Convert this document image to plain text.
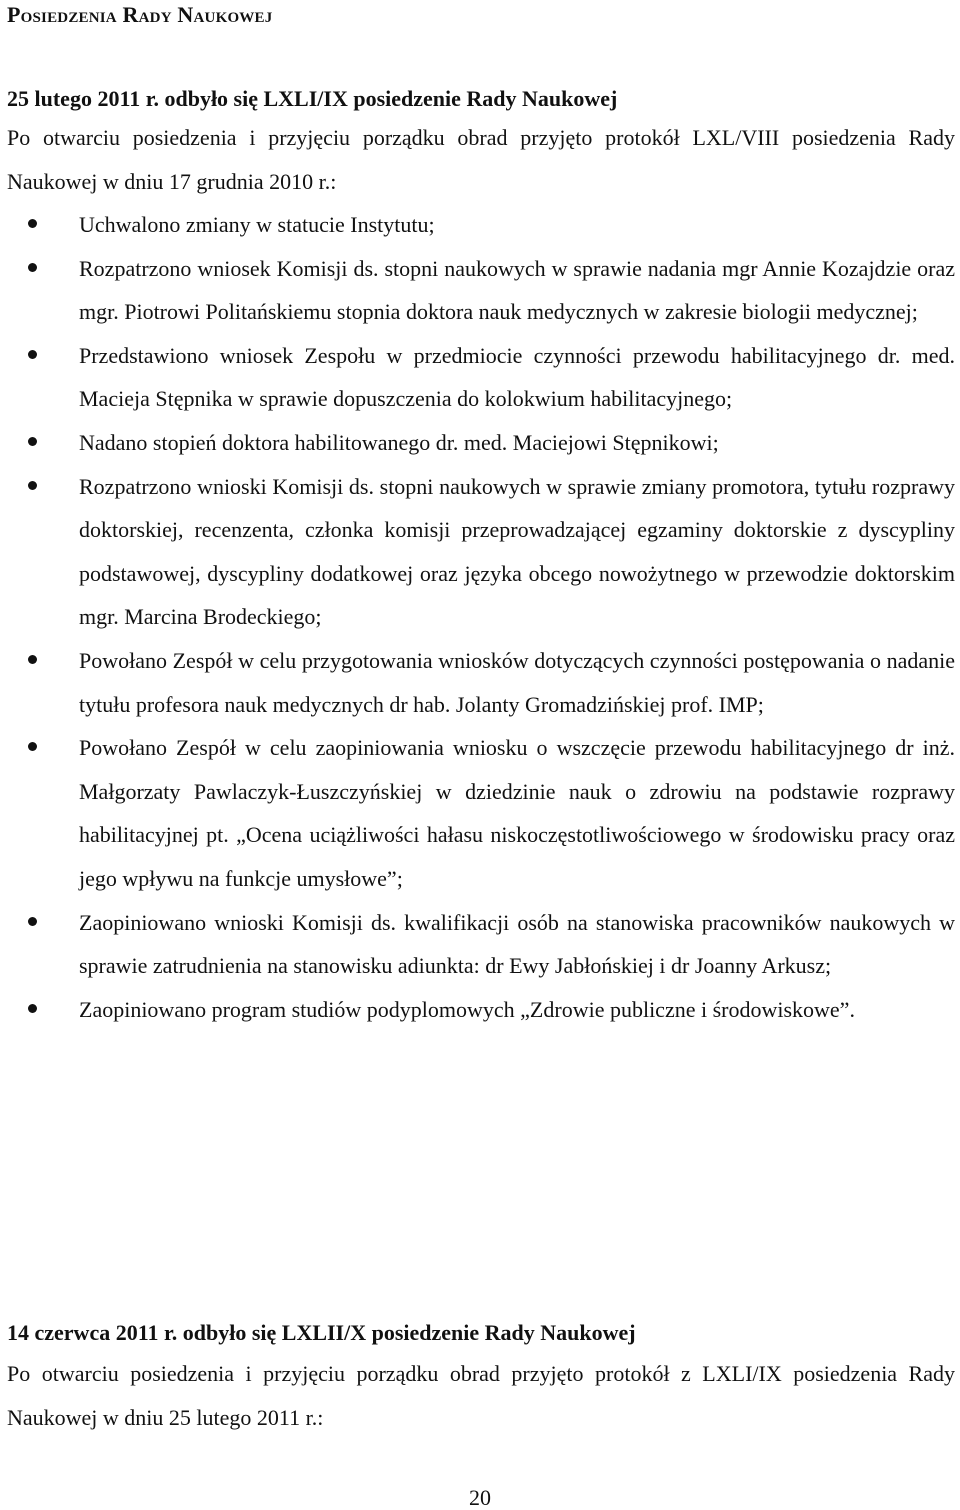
Posiedzenia Rady Naukowej
25 lutego 2011 r. odbyło się LXLI/IX posiedzenie Rady Naukowej
Po otwarciu posiedzenia i przyjęciu porządku obrad przyjęto protokół LXL/VIII posiedzenia Rady Naukowej w dniu 17 grudnia 2010 r.:
Uchwalono zmiany w statucie Instytutu;
Rozpatrzono wniosek Komisji ds. stopni naukowych w sprawie nadania mgr Annie Kozajdzie oraz mgr. Piotrowi Politańskiemu stopnia doktora nauk medycznych w zakresie biologii medycznej;
Przedstawiono wniosek Zespołu w przedmiocie czynności przewodu habilitacyjnego dr. med. Macieja Stępnika w sprawie dopuszczenia do kolokwium habilitacyjnego;
Nadano stopień doktora habilitowanego dr. med. Maciejowi Stępnikowi;
Rozpatrzono wnioski Komisji ds. stopni naukowych w sprawie zmiany promotora, tytułu rozprawy doktorskiej, recenzenta, członka komisji przeprowadzającej egzaminy doktorskie z dyscypliny podstawowej, dyscypliny dodatkowej oraz języka obcego nowożytnego w przewodzie doktorskim mgr. Marcina Brodeckiego;
Powołano Zespół w celu przygotowania wniosków dotyczących czynności postępowania o nadanie tytułu profesora nauk medycznych dr hab. Jolanty Gromadzińskiej prof. IMP;
Powołano Zespół w celu zaopiniowania wniosku o wszczęcie przewodu habilitacyjnego dr inż. Małgorzaty Pawlaczyk-Łuszczyńskiej w dziedzinie nauk o zdrowiu na podstawie rozprawy habilitacyjnej pt. „Ocena uciążliwości hałasu niskoczęstotliwościowego w środowisku pracy oraz jego wpływu na funkcje umysłowe”;
Zaopiniowano wnioski Komisji ds. kwalifikacji osób na stanowiska pracowników naukowych w sprawie zatrudnienia na stanowisku adiunkta: dr Ewy Jabłońskiej i dr Joanny Arkusz;
Zaopiniowano program studiów podyplomowych „Zdrowie publiczne i środowiskowe”.
14 czerwca 2011 r. odbyło się LXLII/X posiedzenie Rady Naukowej
Po otwarciu posiedzenia i przyjęciu porządku obrad przyjęto protokół z LXLI/IX posiedzenia Rady Naukowej w dniu 25 lutego 2011 r.:
20
